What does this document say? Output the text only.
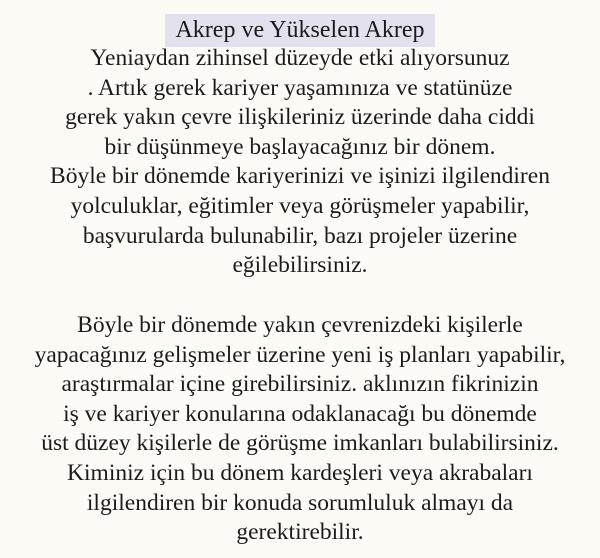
Akrep ve Yükselen Akrep
Yeniaydan zihinsel düzeyde etki alıyorsunuz
. Artık gerek kariyer yaşamınıza ve statünüze
gerek yakın çevre ilişkileriniz üzerinde daha ciddi
bir düşünmeye başlayacağınız bir dönem.
Böyle bir dönemde kariyerinizi ve işinizi ilgilendiren
yolculuklar, eğitimler veya görüşmeler yapabilir,
başvurularda bulunabilir, bazı projeler üzerine
eğilebilirsiniz.
Böyle bir dönemde yakın çevrenizdeki kişilerle
yapacağınız gelişmeler üzerine yeni iş planları yapabilir,
araştırmalar içine girebilirsiniz. aklınızın fikrinizin
iş ve kariyer konularına odaklanacağı bu dönemde
üst düzey kişilerle de görüşme imkanları bulabilirsiniz.
Kiminiz için bu dönem kardeşleri veya akrabaları
ilgilendiren bir konuda sorumluluk almayı da
gerektirebilir.
